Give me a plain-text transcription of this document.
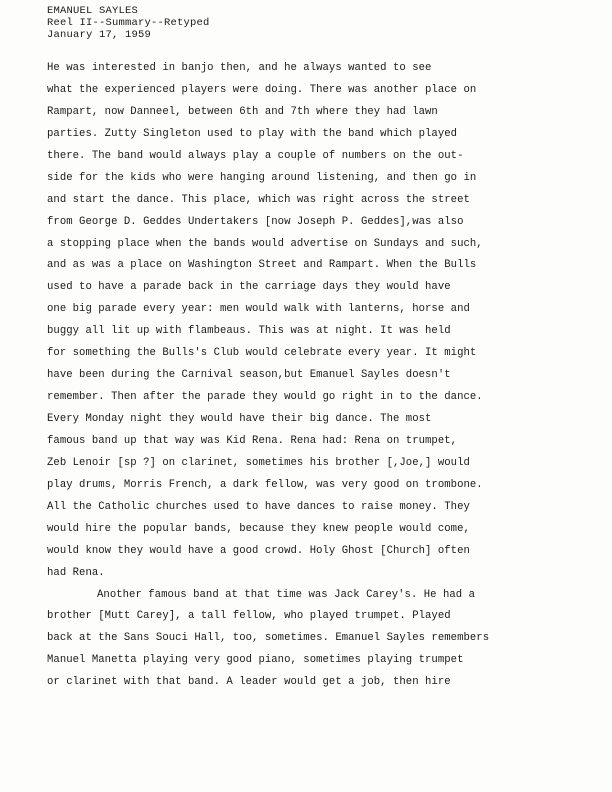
EMANUEL SAYLES
Reel II--Summary--Retyped
January 17, 1959
He was interested in banjo then, and he always wanted to see
what the experienced players were doing. There was another place on
Rampart, now Danneel, between 6th and 7th where they had lawn
parties. Zutty Singleton used to play with the band which played
there. The band would always play a couple of numbers on the out-
side for the kids who were hanging around listening, and then go in
and start the dance. This place, which was right across the street
from George D. Geddes Undertakers [now Joseph P. Geddes],was also
a stopping place when the bands would advertise on Sundays and such,
and as was a place on Washington Street and Rampart. When the Bulls
used to have a parade back in the carriage days they would have
one big parade every year: men would walk with lanterns, horse and
buggy all lit up with flambeaus. This was at night. It was held
for something the Bulls's Club would celebrate every year. It might
have been during the Carnival season,but Emanuel Sayles doesn't
remember. Then after the parade they would go right in to the dance.
Every Monday night they would have their big dance. The most
famous band up that way was Kid Rena. Rena had: Rena on trumpet,
Zeb Lenoir [sp ?] on clarinet, sometimes his brother [,Joe,] would
play drums, Morris French, a dark fellow, was very good on trombone.
All the Catholic churches used to have dances to raise money. They
would hire the popular bands, because they knew people would come,
would know they would have a good crowd. Holy Ghost [Church] often
had Rena.
Another famous band at that time was Jack Carey's. He had a
brother [Mutt Carey], a tall fellow, who played trumpet. Played
back at the Sans Souci Hall, too, sometimes. Emanuel Sayles remembers
Manuel Manetta playing very good piano, sometimes playing trumpet
or clarinet with that band. A leader would get a job, then hire
